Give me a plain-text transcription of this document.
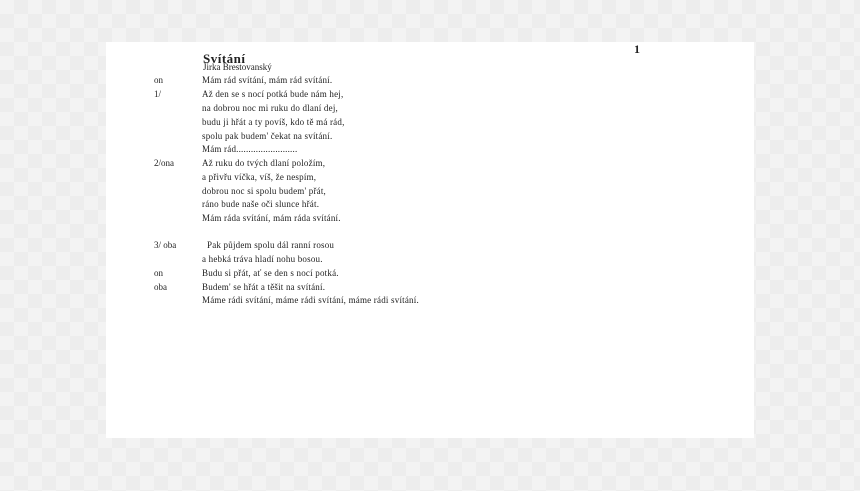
1
Svítání
Jirka Brestovanský
on	Mám rád svítání, mám rád svítání.
1/	Až den se s nocí potká bude nám hej,
na dobrou noc mi ruku do dlaní dej,
budu ji hřát a ty povíš, kdo tě má rád,
spolu pak budem' čekat na svítání.
Mám rád.........................
2/ona	Až ruku do tvých dlaní položím,
a přivřu víčka, víš, že nespím,
dobrou noc si spolu budem' přát,
ráno bude naše oči slunce hřát.
Mám ráda svítání, mám ráda svítání.
3/ oba	Pak půjdem spolu dál ranní rosou
a hebká tráva hladí nohu bosou.
on	Budu si přát, ať se den s nocí potká.
oba	Budem' se hřát a těšit na svítání.
Máme rádi svítání, máme rádi svítání, máme rádi svítání.
